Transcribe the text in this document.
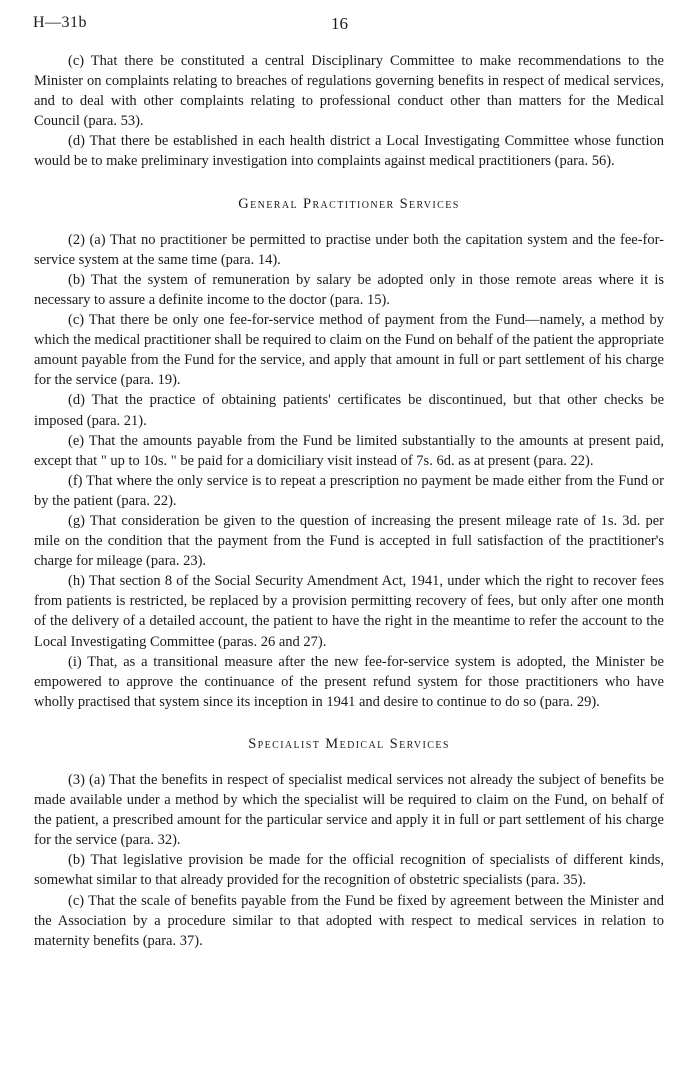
H—31b	16

(c) That there be constituted a central Disciplinary Committee to make recommendations to the Minister on complaints relating to breaches of regulations governing benefits in respect of medical services, and to deal with other complaints relating to professional conduct other than matters for the Medical Council (para. 53).

(d) That there be established in each health district a Local Investigating Committee whose function would be to make preliminary investigation into complaints against medical practitioners (para. 56).

General Practitioner Services

(2) (a) That no practitioner be permitted to practise under both the capitation system and the fee-for-service system at the same time (para. 14).

(b) That the system of remuneration by salary be adopted only in those remote areas where it is necessary to assure a definite income to the doctor (para. 15).

(c) That there be only one fee-for-service method of payment from the Fund—namely, a method by which the medical practitioner shall be required to claim on the Fund on behalf of the patient the appropriate amount payable from the Fund for the service, and apply that amount in full or part settlement of his charge for the service (para. 19).

(d) That the practice of obtaining patients' certificates be discontinued, but that other checks be imposed (para. 21).

(e) That the amounts payable from the Fund be limited substantially to the amounts at present paid, except that " up to 10s. " be paid for a domiciliary visit instead of 7s. 6d. as at present (para. 22).

(f) That where the only service is to repeat a prescription no payment be made either from the Fund or by the patient (para. 22).

(g) That consideration be given to the question of increasing the present mileage rate of 1s. 3d. per mile on the condition that the payment from the Fund is accepted in full satisfaction of the practitioner's charge for mileage (para. 23).

(h) That section 8 of the Social Security Amendment Act, 1941, under which the right to recover fees from patients is restricted, be replaced by a provision permitting recovery of fees, but only after one month of the delivery of a detailed account, the patient to have the right in the meantime to refer the account to the Local Investigating Committee (paras. 26 and 27).

(i) That, as a transitional measure after the new fee-for-service system is adopted, the Minister be empowered to approve the continuance of the present refund system for those practitioners who have wholly practised that system since its inception in 1941 and desire to continue to do so (para. 29).

Specialist Medical Services

(3) (a) That the benefits in respect of specialist medical services not already the subject of benefits be made available under a method by which the specialist will be required to claim on the Fund, on behalf of the patient, a prescribed amount for the particular service and apply it in full or part settlement of his charge for the service (para. 32).

(b) That legislative provision be made for the official recognition of specialists of different kinds, somewhat similar to that already provided for the recognition of obstetric specialists (para. 35).

(c) That the scale of benefits payable from the Fund be fixed by agreement between the Minister and the Association by a procedure similar to that adopted with respect to medical services in relation to maternity benefits (para. 37).
